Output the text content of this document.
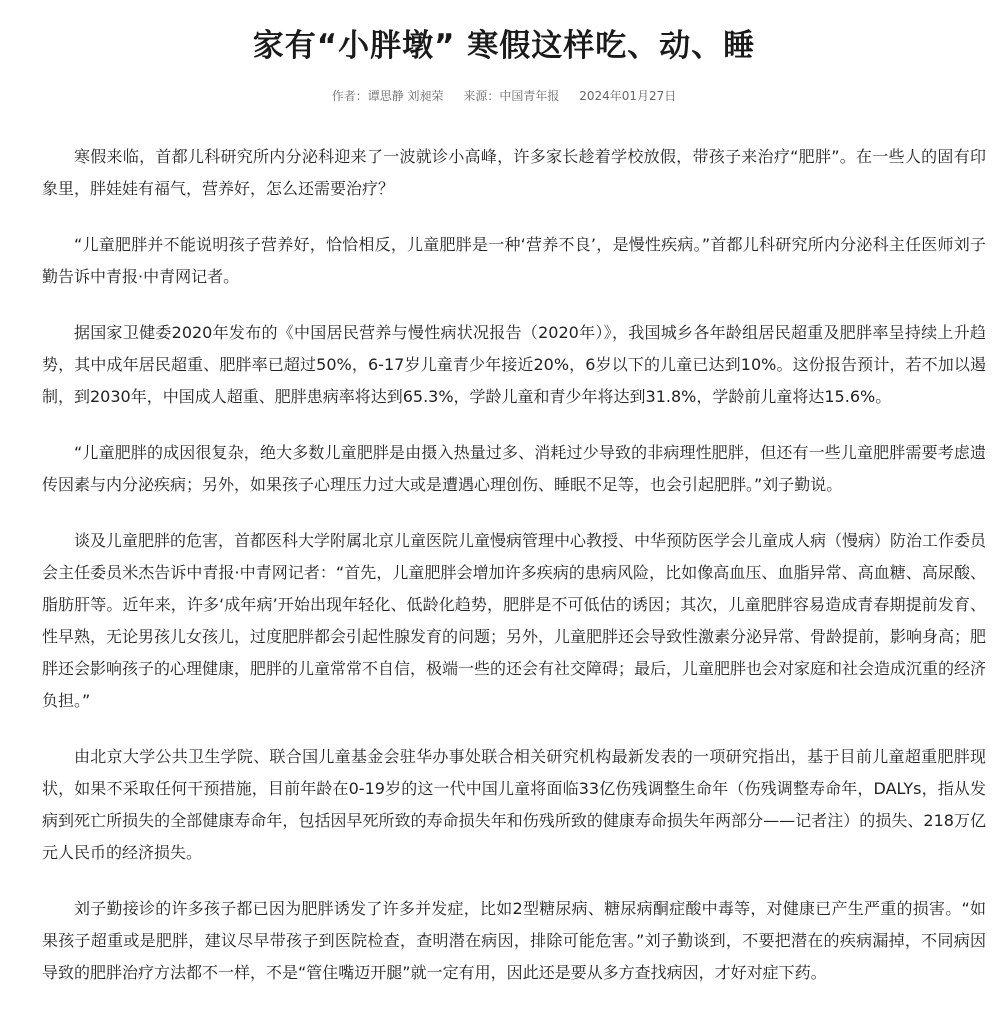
家有“小胖墩” 寒假这样吃、动、睡
作者：谭思静 刘昶荣 来源：中国青年报 2024年01月27日

寒假来临，首都儿科研究所内分泌科迎来了一波就诊小高峰，许多家长趁着学校放假，带孩子来治疗“肥胖”。在一些人的固有印象里，胖娃娃有福气，营养好，怎么还需要治疗？

“儿童肥胖并不能说明孩子营养好，恰恰相反，儿童肥胖是一种‘营养不良’，是慢性疾病。”首都儿科研究所内分泌科主任医师刘子勤告诉中青报·中青网记者。

据国家卫健委2020年发布的《中国居民营养与慢性病状况报告（2020年）》，我国城乡各年龄组居民超重及肥胖率呈持续上升趋势，其中成年居民超重、肥胖率已超过50%，6-17岁儿童青少年接近20%，6岁以下的儿童已达到10%。这份报告预计，若不加以遏制，到2030年，中国成人超重、肥胖患病率将达到65.3%，学龄儿童和青少年将达到31.8%，学龄前儿童将达15.6%。

“儿童肥胖的成因很复杂，绝大多数儿童肥胖是由摄入热量过多、消耗过少导致的非病理性肥胖，但还有一些儿童肥胖需要考虑遗传因素与内分泌疾病；另外，如果孩子心理压力过大或是遭遇心理创伤、睡眠不足等，也会引起肥胖。”刘子勤说。

谈及儿童肥胖的危害，首都医科大学附属北京儿童医院儿童慢病管理中心教授、中华预防医学会儿童成人病（慢病）防治工作委员会主任委员米杰告诉中青报·中青网记者：“首先，儿童肥胖会增加许多疾病的患病风险，比如像高血压、血脂异常、高血糖、高尿酸、脂肪肝等。近年来，许多‘成年病’开始出现年轻化、低龄化趋势，肥胖是不可低估的诱因；其次，儿童肥胖容易造成青春期提前发育、性早熟，无论男孩儿女孩儿，过度肥胖都会引起性腺发育的问题；另外，儿童肥胖还会导致性激素分泌异常、骨龄提前，影响身高；肥胖还会影响孩子的心理健康，肥胖的儿童常常不自信，极端一些的还会有社交障碍；最后，儿童肥胖也会对家庭和社会造成沉重的经济负担。”

由北京大学公共卫生学院、联合国儿童基金会驻华办事处联合相关研究机构最新发表的一项研究指出，基于目前儿童超重肥胖现状，如果不采取任何干预措施，目前年龄在0-19岁的这一代中国儿童将面临33亿伤残调整生命年（伤残调整寿命年，DALYs，指从发病到死亡所损失的全部健康寿命年，包括因早死所致的寿命损失年和伤残所致的健康寿命损失年两部分——记者注）的损失、218万亿元人民币的经济损失。

刘子勤接诊的许多孩子都已因为肥胖诱发了许多并发症，比如2型糖尿病、糖尿病酮症酸中毒等，对健康已产生严重的损害。“如果孩子超重或是肥胖，建议尽早带孩子到医院检查，查明潜在病因，排除可能危害。”刘子勤谈到，不要把潜在的疾病漏掉，不同病因导致的肥胖治疗方法都不一样，不是“管住嘴迈开腿”就一定有用，因此还是要从多方查找病因，才好对症下药。
